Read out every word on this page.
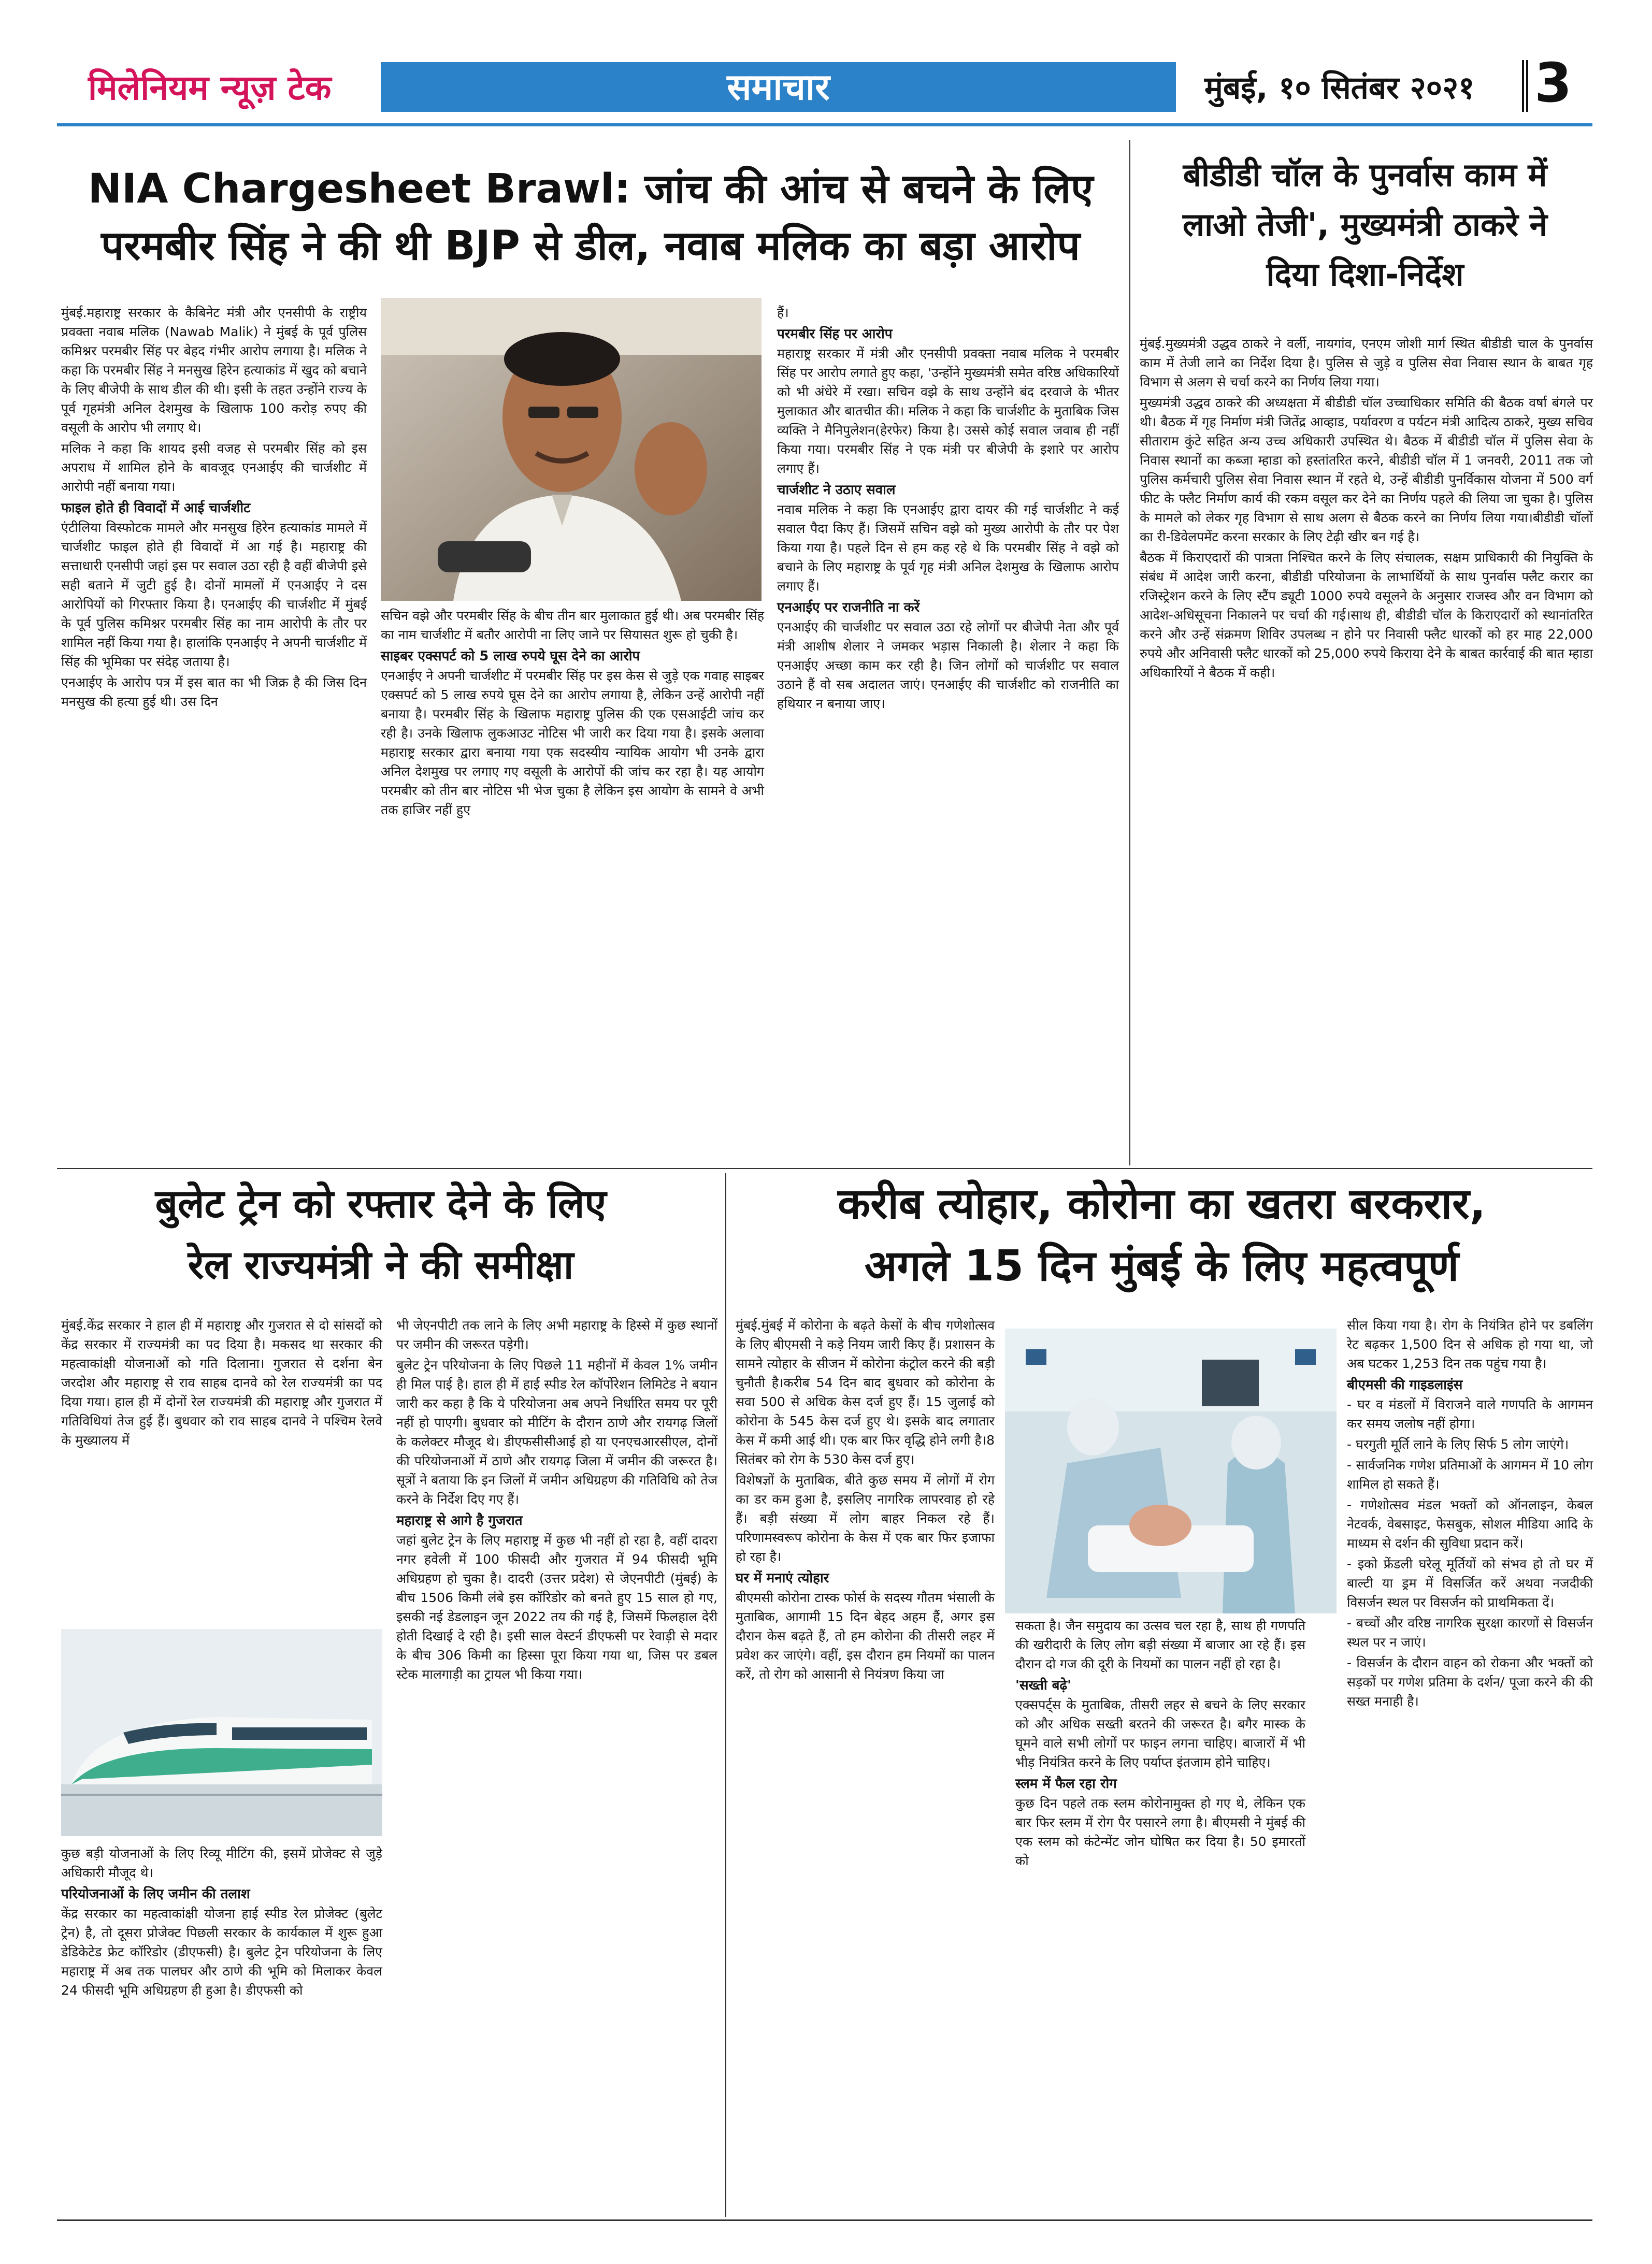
मिलेनियम न्यूज़ टेक	समाचार	मुंबई, १० सितंबर २०२१ 3
NIA Chargesheet Brawl: जांच की आंच से बचने के लिए
परमबीर सिंह ने की थी BJP से डील, नवाब मलिक का बड़ा आरोप

मुंबई.महाराष्ट्र सरकार के कैबिनेट मंत्री और एनसीपी के राष्ट्रीय प्रवक्ता नवाब मलिक (Nawab Malik) ने मुंबई के पूर्व पुलिस कमिश्नर परमबीर सिंह पर बेहद गंभीर आरोप लगाया है। मलिक ने कहा कि परमबीर सिंह ने मनसुख हिरेन हत्याकांड में खुद को बचाने के लिए बीजेपी के साथ डील की थी। इसी के तहत उन्होंने राज्य के पूर्व गृहमंत्री अनिल देशमुख के खिलाफ 100 करोड़ रुपए की वसूली के आरोप भी लगाए थे।

मलिक ने कहा कि शायद इसी वजह से परमबीर सिंह को इस अपराध में शामिल होने के बावजूद एनआईए की चार्जशीट में आरोपी नहीं बनाया गया।

फाइल होते ही विवादों में आई चार्जशीट

एंटीलिया विस्फोटक मामले और मनसुख हिरेन हत्याकांड मामले में चार्जशीट फाइल होते ही विवादों में आ गई है। महाराष्ट्र की सत्ताधारी एनसीपी जहां इस पर सवाल उठा रही है वहीं बीजेपी इसे सही बताने में जुटी हुई है। दोनों मामलों में एनआईए ने दस आरोपियों को गिरफ्तार किया है। एनआईए की चार्जशीट में मुंबई के पूर्व पुलिस कमिश्नर परमबीर सिंह का नाम आरोपी के तौर पर शामिल नहीं किया गया है। हालांकि एनआईए ने अपनी चार्जशीट में सिंह की भूमिका पर संदेह जताया है।

एनआईए के आरोप पत्र में इस बात का भी जिक्र है की जिस दिन मनसुख की हत्या हुई थी। उस दिन

सचिन वझे और परमबीर सिंह के बीच तीन बार मुलाकात हुई थी। अब परमबीर सिंह का नाम चार्जशीट में बतौर आरोपी ना लिए जाने पर सियासत शुरू हो चुकी है।

साइबर एक्सपर्ट को 5 लाख रुपये घूस देने का आरोप

एनआईए ने अपनी चार्जशीट में परमबीर सिंह पर इस केस से जुड़े एक गवाह साइबर एक्सपर्ट को 5 लाख रुपये घूस देने का आरोप लगाया है, लेकिन उन्हें आरोपी नहीं बनाया है। परमबीर सिंह के खिलाफ महाराष्ट्र पुलिस की एक एसआईटी जांच कर रही है। उनके खिलाफ लुकआउट नोटिस भी जारी कर दिया गया है। इसके अलावा महाराष्ट्र सरकार द्वारा बनाया गया एक सदस्यीय न्यायिक आयोग भी उनके द्वारा अनिल देशमुख पर लगाए गए वसूली के आरोपों की जांच कर रहा है। यह आयोग परमबीर को तीन बार नोटिस भी भेज चुका है लेकिन इस आयोग के सामने वे अभी तक हाजिर नहीं हुए

हैं।

परमबीर सिंह पर आरोप

महाराष्ट्र सरकार में मंत्री और एनसीपी प्रवक्ता नवाब मलिक ने परमबीर सिंह पर आरोप लगाते हुए कहा, 'उन्होंने मुख्यमंत्री समेत वरिष्ठ अधिकारियों को भी अंधेरे में रखा। सचिन वझे के साथ उन्होंने बंद दरवाजे के भीतर मुलाकात और बातचीत की। मलिक ने कहा कि चार्जशीट के मुताबिक जिस व्यक्ति ने मैनिपुलेशन(हेरफेर) किया है। उससे कोई सवाल जवाब ही नहीं किया गया। परमबीर सिंह ने एक मंत्री पर बीजेपी के इशारे पर आरोप लगाए हैं।

चार्जशीट ने उठाए सवाल

नवाब मलिक ने कहा कि एनआईए द्वारा दायर की गई चार्जशीट ने कई सवाल पैदा किए हैं। जिसमें सचिन वझे को मुख्य आरोपी के तौर पर पेश किया गया है। पहले दिन से हम कह रहे थे कि परमबीर सिंह ने वझे को बचाने के लिए महाराष्ट्र के पूर्व गृह मंत्री अनिल देशमुख के खिलाफ आरोप लगाए हैं।

एनआईए पर राजनीति ना करें

एनआईए की चार्जशीट पर सवाल उठा रहे लोगों पर बीजेपी नेता और पूर्व मंत्री आशीष शेलार ने जमकर भड़ास निकाली है। शेलार ने कहा कि एनआईए अच्छा काम कर रही है। जिन लोगों को चार्जशीट पर सवाल उठाने हैं वो सब अदालत जाएं। एनआईए की चार्जशीट को राजनीति का हथियार न बनाया जाए।

बीडीडी चॉल के पुनर्वास काम में
लाओ तेजी', मुख्यमंत्री ठाकरे ने
दिया दिशा-निर्देश

मुंबई.मुख्यमंत्री उद्धव ठाकरे ने वर्ली, नायगांव, एनएम जोशी मार्ग स्थित बीडीडी चाल के पुनर्वास काम में तेजी लाने का निर्देश दिया है। पुलिस से जुड़े व पुलिस सेवा निवास स्थान के बाबत गृह विभाग से अलग से चर्चा करने का निर्णय लिया गया।

मुख्यमंत्री उद्धव ठाकरे की अध्यक्षता में बीडीडी चॉल उच्चाधिकार समिति की बैठक वर्षा बंगले पर थी। बैठक में गृह निर्माण मंत्री जितेंद्र आव्हाड, पर्यावरण व पर्यटन मंत्री आदित्य ठाकरे, मुख्य सचिव सीताराम कुंटे सहित अन्य उच्च अधिकारी उपस्थित थे। बैठक में बीडीडी चॉल में पुलिस सेवा के निवास स्थानों का कब्जा म्हाडा को हस्तांतरित करने, बीडीडी चॉल में 1 जनवरी, 2011 तक जो पुलिस कर्मचारी पुलिस सेवा निवास स्थान में रहते थे, उन्हें बीडीडी पुनर्विकास योजना में 500 वर्ग फीट के फ्लैट निर्माण कार्य की रकम वसूल कर देने का निर्णय पहले की लिया जा चुका है। पुलिस के मामले को लेकर गृह विभाग से साथ अलग से बैठक करने का निर्णय लिया गया।बीडीडी चॉलों का री-डिवेलपमेंट करना सरकार के लिए टेढ़ी खीर बन गई है।

बैठक में किराएदारों की पात्रता निश्चित करने के लिए संचालक, सक्षम प्राधिकारी की नियुक्ति के संबंध में आदेश जारी करना, बीडीडी परियोजना के लाभार्थियों के साथ पुनर्वास फ्लैट करार का रजिस्ट्रेशन करने के लिए स्टैंप ड्यूटी 1000 रुपये वसूलने के अनुसार राजस्व और वन विभाग को आदेश-अधिसूचना निकालने पर चर्चा की गई।साथ ही, बीडीडी चॉल के किराएदारों को स्थानांतरित करने और उन्हें संक्रमण शिविर उपलब्ध न होने पर निवासी फ्लैट धारकों को हर माह 22,000 रुपये और अनिवासी फ्लैट धारकों को 25,000 रुपये किराया देने के बाबत कार्रवाई की बात म्हाडा अधिकारियों ने बैठक में कही।

बुलेट ट्रेन को रफ्तार देने के लिए
रेल राज्यमंत्री ने की समीक्षा

मुंबई.केंद्र सरकार ने हाल ही में महाराष्ट्र और गुजरात से दो सांसदों को केंद्र सरकार में राज्यमंत्री का पद दिया है। मकसद था सरकार की महत्वाकांक्षी योजनाओं को गति दिलाना। गुजरात से दर्शना बेन जरदोश और महाराष्ट्र से राव साहब दानवे को रेल राज्यमंत्री का पद दिया गया। हाल ही में दोनों रेल राज्यमंत्री की महाराष्ट्र और गुजरात में गतिविधियां तेज हुई हैं। बुधवार को राव साहब दानवे ने पश्चिम रेलवे के मुख्यालय में

कुछ बड़ी योजनाओं के लिए रिव्यू मीटिंग की, इसमें प्रोजेक्ट से जुड़े अधिकारी मौजूद थे।

परियोजनाओं के लिए जमीन की तलाश

केंद्र सरकार का महत्वाकांक्षी योजना हाई स्पीड रेल प्रोजेक्ट (बुलेट ट्रेन) है, तो दूसरा प्रोजेक्ट पिछली सरकार के कार्यकाल में शुरू हुआ डेडिकेटेड फ्रेट कॉरिडोर (डीएफसी) है। बुलेट ट्रेन परियोजना के लिए महाराष्ट्र में अब तक पालघर और ठाणे की भूमि को मिलाकर केवल 24 फीसदी भूमि अधिग्रहण ही हुआ है। डीएफसी को

भी जेएनपीटी तक लाने के लिए अभी महाराष्ट्र के हिस्से में कुछ स्थानों पर जमीन की जरूरत पड़ेगी।

बुलेट ट्रेन परियोजना के लिए पिछले 11 महीनों में केवल 1% जमीन ही मिल पाई है। हाल ही में हाई स्पीड रेल कॉर्पोरेशन लिमिटेड ने बयान जारी कर कहा है कि ये परियोजना अब अपने निर्धारित समय पर पूरी नहीं हो पाएगी। बुधवार को मीटिंग के दौरान ठाणे और रायगढ़ जिलों के कलेक्टर मौजूद थे। डीएफसीसीआई हो या एनएचआरसीएल, दोनों की परियोजनाओं में ठाणे और रायगढ़ जिला में जमीन की जरूरत है। सूत्रों ने बताया कि इन जिलों में जमीन अधिग्रहण की गतिविधि को तेज करने के निर्देश दिए गए हैं।

महाराष्ट्र से आगे है गुजरात

जहां बुलेट ट्रेन के लिए महाराष्ट्र में कुछ भी नहीं हो रहा है, वहीं दादरा नगर हवेली में 100 फीसदी और गुजरात में 94 फीसदी भूमि अधिग्रहण हो चुका है। दादरी (उत्तर प्रदेश) से जेएनपीटी (मुंबई) के बीच 1506 किमी लंबे इस कॉरिडोर को बनते हुए 15 साल हो गए, इसकी नई डेडलाइन जून 2022 तय की गई है, जिसमें फिलहाल देरी होती दिखाई दे रही है। इसी साल वेस्टर्न डीएफसी पर रेवाड़ी से मदार के बीच 306 किमी का हिस्सा पूरा किया गया था, जिस पर डबल स्टेक मालगाड़ी का ट्रायल भी किया गया।

करीब त्योहार, कोरोना का खतरा बरकरार,
अगले 15 दिन मुंबई के लिए महत्वपूर्ण

मुंबई.मुंबई में कोरोना के बढ़ते केसों के बीच गणेशोत्सव के लिए बीएमसी ने कड़े नियम जारी किए हैं। प्रशासन के सामने त्योहार के सीजन में कोरोना कंट्रोल करने की बड़ी चुनौती है।करीब 54 दिन बाद बुधवार को कोरोना के सवा 500 से अधिक केस दर्ज हुए हैं। 15 जुलाई को कोरोना के 545 केस दर्ज हुए थे। इसके बाद लगातार केस में कमी आई थी। एक बार फिर वृद्धि होने लगी है।8 सितंबर को रोग के 530 केस दर्ज हुए।

विशेषज्ञों के मुताबिक, बीते कुछ समय में लोगों में रोग का डर कम हुआ है, इसलिए नागरिक लापरवाह हो रहे हैं। बड़ी संख्या में लोग बाहर निकल रहे हैं। परिणामस्वरूप कोरोना के केस में एक बार फिर इजाफा हो रहा है।

घर में मनाएं त्योहार

बीएमसी कोरोना टास्क फोर्स के सदस्य गौतम भंसाली के मुताबिक, आगामी 15 दिन बेहद अहम हैं, अगर इस दौरान केस बढ़ते हैं, तो हम कोरोना की तीसरी लहर में प्रवेश कर जाएंगे। वहीं, इस दौरान हम नियमों का पालन करें, तो रोग को आसानी से नियंत्रण किया जा

सकता है। जैन समुदाय का उत्सव चल रहा है, साथ ही गणपति की खरीदारी के लिए लोग बड़ी संख्या में बाजार आ रहे हैं। इस दौरान दो गज की दूरी के नियमों का पालन नहीं हो रहा है।

'सख्ती बढ़े'

एक्सपर्ट्स के मुताबिक, तीसरी लहर से बचने के लिए सरकार को और अधिक सख्ती बरतने की जरूरत है। बगैर मास्क के घूमने वाले सभी लोगों पर फाइन लगना चाहिए। बाजारों में भी भीड़ नियंत्रित करने के लिए पर्याप्त इंतजाम होने चाहिए।

स्लम में फैल रहा रोग

कुछ दिन पहले तक स्लम कोरोनामुक्त हो गए थे, लेकिन एक बार फिर स्लम में रोग पैर पसारने लगा है। बीएमसी ने मुंबई की एक स्लम को कंटेन्मेंट जोन घोषित कर दिया है। 50 इमारतों को

सील किया गया है। रोग के नियंत्रित होने पर डबलिंग रेट बढ़कर 1,500 दिन से अधिक हो गया था, जो अब घटकर 1,253 दिन तक पहुंच गया है।

बीएमसी की गाइडलाइंस

- घर व मंडलों में विराजने वाले गणपति के आगमन कर समय जलोष नहीं होगा।

- घरगुती मूर्ति लाने के लिए सिर्फ 5 लोग जाएंगे।

- सार्वजनिक गणेश प्रतिमाओं के आगमन में 10 लोग शामिल हो सकते हैं।

- गणेशोत्सव मंडल भक्तों को ऑनलाइन, केबल नेटवर्क, वेबसाइट, फेसबुक, सोशल मीडिया आदि के माध्यम से दर्शन की सुविधा प्रदान करें।

- इको फ्रेंडली घरेलू मूर्तियों को संभव हो तो घर में बाल्टी या ड्रम में विसर्जित करें अथवा नजदीकी विसर्जन स्थल पर विसर्जन को प्राथमिकता दें।

- बच्चों और वरिष्ठ नागरिक सुरक्षा कारणों से विसर्जन स्थल पर न जाएं।

- विसर्जन के दौरान वाहन को रोकना और भक्तों को सड़कों पर गणेश प्रतिमा के दर्शन/ पूजा करने की की सख्त मनाही है।
